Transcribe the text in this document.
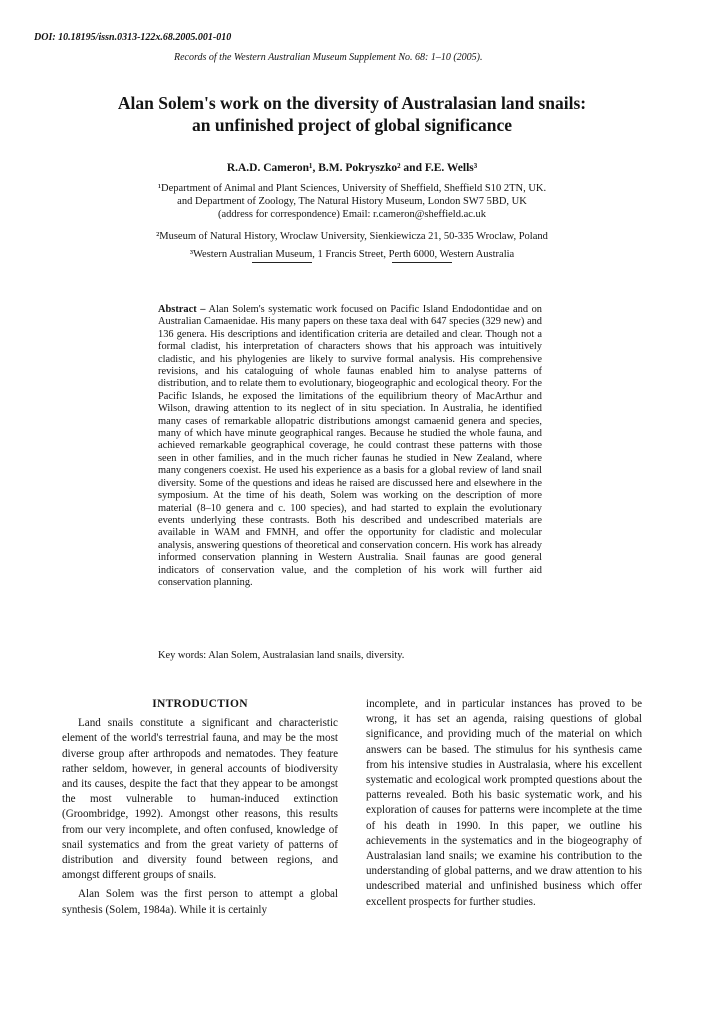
DOI: 10.18195/issn.0313-122x.68.2005.001-010
Records of the Western Australian Museum Supplement No. 68: 1–10 (2005).
Alan Solem's work on the diversity of Australasian land snails:
an unfinished project of global significance
R.A.D. Cameron¹, B.M. Pokryszko² and F.E. Wells³
¹Department of Animal and Plant Sciences, University of Sheffield, Sheffield S10 2TN, UK.
and Department of Zoology, The Natural History Museum, London SW7 5BD, UK
(address for correspondence) Email: r.cameron@sheffield.ac.uk
²Museum of Natural History, Wroclaw University, Sienkiewicza 21, 50-335 Wroclaw, Poland
³Western Australian Museum, 1 Francis Street, Perth 6000, Western Australia

Abstract – Alan Solem's systematic work focused on Pacific Island Endodontidae and on Australian Camaenidae. His many papers on these taxa deal with 647 species (329 new) and 136 genera. His descriptions and identification criteria are detailed and clear. Though not a formal cladist, his interpretation of characters shows that his approach was intuitively cladistic, and his phylogenies are likely to survive formal analysis. His comprehensive revisions, and his cataloguing of whole faunas enabled him to analyse patterns of distribution, and to relate them to evolutionary, biogeographic and ecological theory. For the Pacific Islands, he exposed the limitations of the equilibrium theory of MacArthur and Wilson, drawing attention to its neglect of in situ speciation. In Australia, he identified many cases of remarkable allopatric distributions amongst camaenid genera and species, many of which have minute geographical ranges. Because he studied the whole fauna, and achieved remarkable geographical coverage, he could contrast these patterns with those seen in other families, and in the much richer faunas he studied in New Zealand, where many congeners coexist. He used his experience as a basis for a global review of land snail diversity. Some of the questions and ideas he raised are discussed here and elsewhere in the symposium. At the time of his death, Solem was working on the description of more material (8–10 genera and c. 100 species), and had started to explain the evolutionary events underlying these contrasts. Both his described and undescribed materials are available in WAM and FMNH, and offer the opportunity for cladistic and molecular analysis, answering questions of theoretical and conservation concern. His work has already informed conservation planning in Western Australia. Snail faunas are good general indicators of conservation value, and the completion of his work will further aid conservation planning.

Key words: Alan Solem, Australasian land snails, diversity.

INTRODUCTION

Land snails constitute a significant and characteristic element of the world's terrestrial fauna, and may be the most diverse group after arthropods and nematodes. They feature rather seldom, however, in general accounts of biodiversity and its causes, despite the fact that they appear to be amongst the most vulnerable to human-induced extinction (Groombridge, 1992). Amongst other reasons, this results from our very incomplete, and often confused, knowledge of snail systematics and from the great variety of patterns of distribution and diversity found between regions, and amongst different groups of snails.

Alan Solem was the first person to attempt a global synthesis (Solem, 1984a). While it is certainly

incomplete, and in particular instances has proved to be wrong, it has set an agenda, raising questions of global significance, and providing much of the material on which answers can be based. The stimulus for his synthesis came from his intensive studies in Australasia, where his excellent systematic and ecological work prompted questions about the patterns revealed. Both his basic systematic work, and his exploration of causes for patterns were incomplete at the time of his death in 1990. In this paper, we outline his achievements in the systematics and in the biogeography of Australasian land snails; we examine his contribution to the understanding of global patterns, and we draw attention to his undescribed material and unfinished business which offer excellent prospects for further studies.
